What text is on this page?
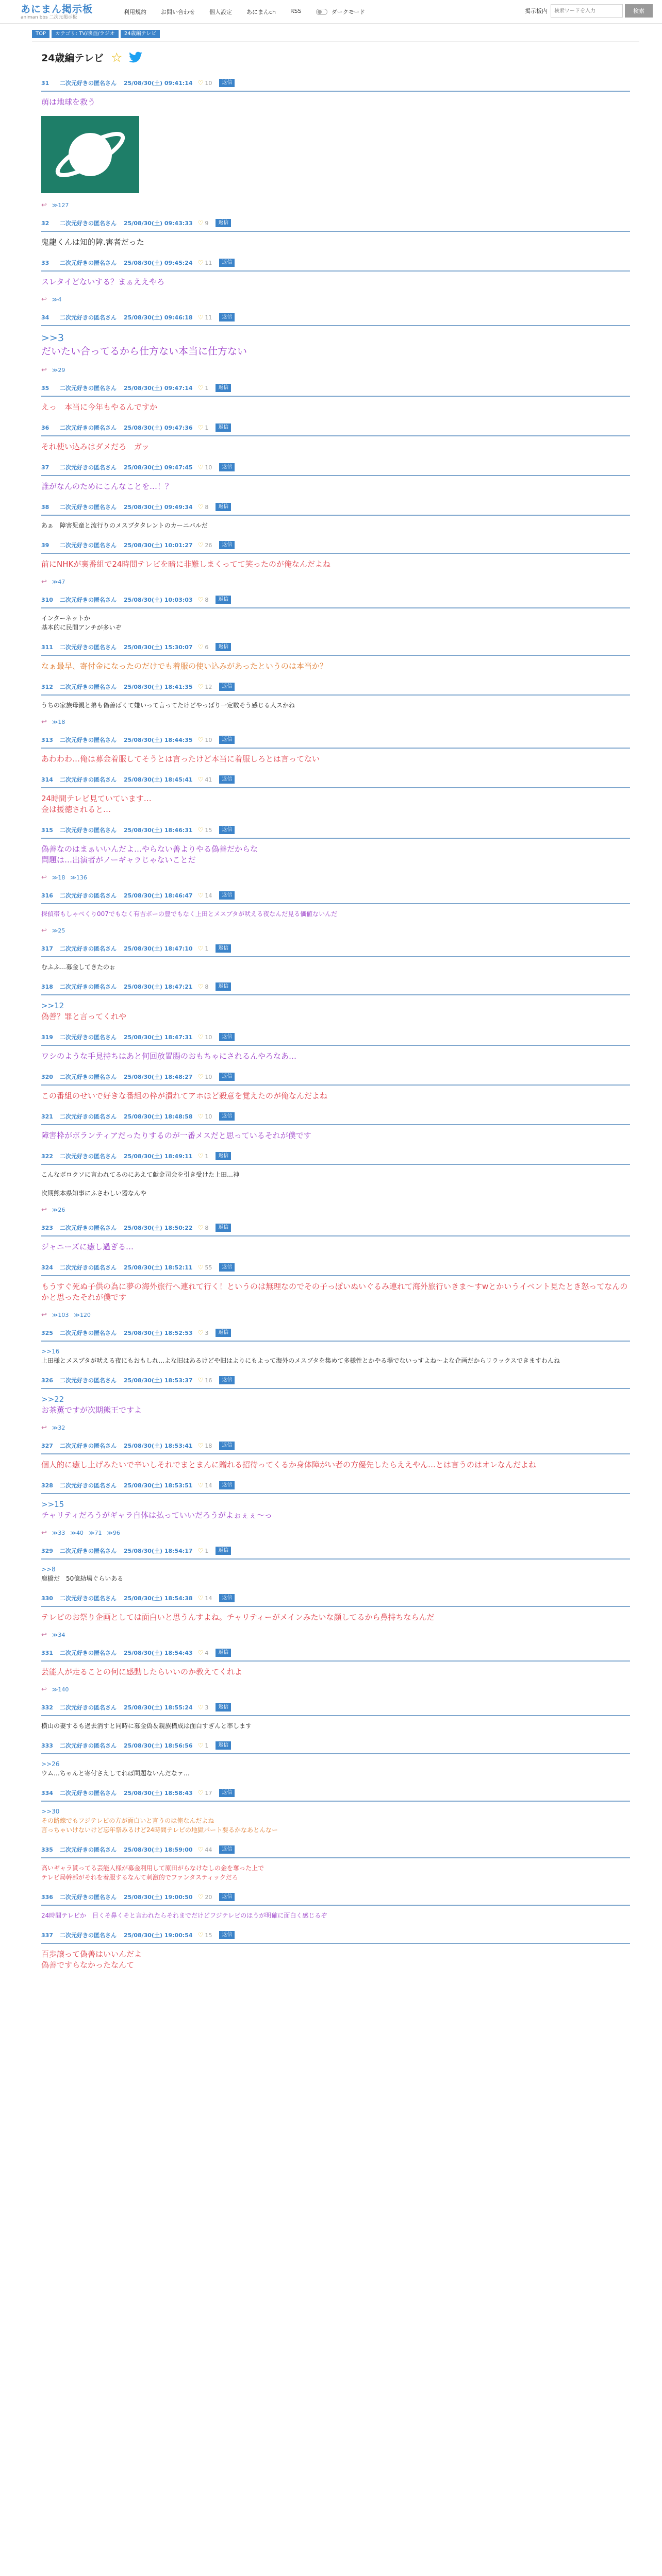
あにまん掲示板
animan bbs 二次元掲示板
利用規約	お問い合わせ	個人設定	あにまんch	RSS	ダークモード	掲示板内
検索ワードを入力	検索
TOP	カテゴリ: TV/映画/ラジオ	24歳編テレビ
24歳編テレビ ☆
31	二次元好きの匿名さん 25/08/30(土) 09:41:14 ♡ 10	返信
萌は地球を救う
↩ ≫127
32	二次元好きの匿名さん 25/08/30(土) 09:43:33 ♡ 9	返信
鬼龍くんは知的障.害者だった
33	二次元好きの匿名さん 25/08/30(土) 09:45:24 ♡ 11	返信
スレタイどないする？まぁええやろ
↩ ≫4
34	二次元好きの匿名さん 25/08/30(土) 09:46:18 ♡ 11	返信
>>3
だいたい合ってるから仕方ない本当に仕方ない
↩ ≫29
35	二次元好きの匿名さん 25/08/30(土) 09:47:14 ♡ 1	返信
えっ　本当に今年もやるんですか
36	二次元好きの匿名さん 25/08/30(土) 09:47:36 ♡ 1	返信
それ使い込みはダメだろ　ガッ
37	二次元好きの匿名さん 25/08/30(土) 09:47:45 ♡ 10	返信
誰がなんのためにこんなことを…！？
38	二次元好きの匿名さん 25/08/30(土) 09:49:34 ♡ 8	返信
あぁ　障害児童と流行りのメスブタタレントのカーニバルだ
39	二次元好きの匿名さん 25/08/30(土) 10:01:27 ♡ 26	返信
前にNHKが裏番組で24時間テレビを暗に非難しまくってて笑ったのが俺なんだよね
↩ ≫47
310	二次元好きの匿名さん 25/08/30(土) 10:03:03 ♡ 8	返信
インターネットか
基本的に民間アンチが多いぞ
311	二次元好きの匿名さん 25/08/30(土) 15:30:07 ♡ 6	返信
なぁ最早、寄付金になったのだけでも着服の使い込みがあったというのは本当か？
312	二次元好きの匿名さん 25/08/30(土) 18:41:35 ♡ 12	返信
うちの家族母親と弟も偽善ばくて嫌いって言ってたけどやっぱり一定数そう感じる人スかね
↩ ≫18
313	二次元好きの匿名さん 25/08/30(土) 18:44:35 ♡ 10	返信
あわわわ…俺は募金着服してそうとは言ったけど本当に着服しろとは言ってない
314	二次元好きの匿名さん 25/08/30(土) 18:45:41 ♡ 41	返信
24時間テレビ見ていています…
金は援徳されると…
315	二次元好きの匿名さん 25/08/30(土) 18:46:31 ♡ 15	返信
偽善なのはまぁいいんだよ…やらない善よりやる偽善だからな
問題は…出演者がノーギャラじゃないことだ
↩ ≫18 ≫136
316	二次元好きの匿名さん 25/08/30(土) 18:46:47 ♡ 14	返信
探偵帯もしゃべくり007でもなく有吉ボーの豊でもなく上田とメスブタが吠える夜なんだ見る価値ないんだ
↩ ≫25
317	二次元好きの匿名さん 25/08/30(土) 18:47:10 ♡ 1	返信
むふふ…募金してきたのぉ
318	二次元好きの匿名さん 25/08/30(土) 18:47:21 ♡ 8	返信
>>12
偽善？罪と言ってくれや
319	二次元好きの匿名さん 25/08/30(土) 18:47:31 ♡ 10	返信
ワシのような手見持ちはあと何回放置腸のおもちゃにされるんやろなあ…
320	二次元好きの匿名さん 25/08/30(土) 18:48:27 ♡ 10	返信
この番組のせいで好きな番組の枠が潰れてアホほど殺意を覚えたのが俺なんだよね
321	二次元好きの匿名さん 25/08/30(土) 18:48:58 ♡ 10	返信
障害枠がボランティアだったりするのが一番メスだと思っているそれが僕です
322	二次元好きの匿名さん 25/08/30(土) 18:49:11 ♡ 1	返信
こんなボロクソに言われてるのにあえて献金司会を引き受けた上田…神
次期熊本県知事にふさわしい器なんや
↩ ≫26
323	二次元好きの匿名さん 25/08/30(土) 18:50:22 ♡ 8	返信
ジャニーズに癒し過ぎる…
324	二次元好きの匿名さん 25/08/30(土) 18:52:11 ♡ 55	返信
もうすぐ死ぬ子供の為に夢の海外旅行へ連れて行く！というのは無理なのでその子っぽいぬいぐるみ連れて海外旅行いきま〜すwとかいうイベント見たとき怒ってなんのかと思ったそれが僕です
↩ ≫103 ≫120
325	二次元好きの匿名さん 25/08/30(土) 18:52:53 ♡ 3	返信
>>16
上田様とメスブタが吠える夜にもおもしれ…よな旧はあるけどや旧はよりにもよって海外のメスブタを集めて多様性とかやる場でないっすよね〜よな企画だからリラックスできますわんね
326	二次元好きの匿名さん 25/08/30(土) 18:53:37 ♡ 16	返信
>>22
お茶薫ですが次期熊王ですよ
↩ ≫32
327	二次元好きの匿名さん 25/08/30(土) 18:53:41 ♡ 18	返信
個人的に癒し上げみたいで辛いしそれでまとまんに贈れる招待ってくるか身体障がい者の方優先したらええやん…とは言うのはオレなんだよね
328	二次元好きの匿名さん 25/08/30(土) 18:53:51 ♡ 14	返信
>>15
チャリティだろうがギャラ自体は払っていいだろうがよぉぇぇ〜っ
↩ ≫33 ≫40 ≫71 ≫96
329	二次元好きの匿名さん 25/08/30(土) 18:54:17 ♡ 1	返信
>>8
鹿橋だ　50億劫場ぐらいある
330	二次元好きの匿名さん 25/08/30(土) 18:54:38 ♡ 14	返信
テレビのお祭り企画としては面白いと思うんすよね。チャリティーがメインみたいな顔してるから鼻持ちならんだ
↩ ≫34
331	二次元好きの匿名さん 25/08/30(土) 18:54:43 ♡ 4	返信
芸能人が走ることの何に感動したらいいのか教えてくれよ
↩ ≫140
332	二次元好きの匿名さん 25/08/30(土) 18:55:24 ♡ 3	返信
横山の妻するも過去消すと同時に募金偽＆親族構成は面白すぎんと率します
333	二次元好きの匿名さん 25/08/30(土) 18:56:56 ♡ 1	返信
>>26
ウム…ちゃんと寄付さえしてれば問題ないんだなァ…
334	二次元好きの匿名さん 25/08/30(土) 18:58:43 ♡ 17	返信
>>30
その路線でもフジテレビの方が面白いと言うのは俺なんだよね
言っちゃいけないけど忘年祭みるけど24時間テレビの地獄パート要るかなあとんなー
335	二次元好きの匿名さん 25/08/30(土) 18:59:00 ♡ 44	返信
高いギャラ貰ってる芸能人様が募金利用して原田がらなけなしの金を奪った上で
テレビ局幹部がそれを着服するなんて刺激的でファンタスティックだろ
336	二次元好きの匿名さん 25/08/30(土) 19:00:50 ♡ 20	返信
24時間テレビか　目くそ鼻くそと言われたらそれまでだけどフジテレビのほうが明確に面白く感じるぞ
337	二次元好きの匿名さん 25/08/30(土) 19:00:54 ♡ 15	返信
百歩譲って偽善はいいんだよ
偽善ですらなかったなんて
